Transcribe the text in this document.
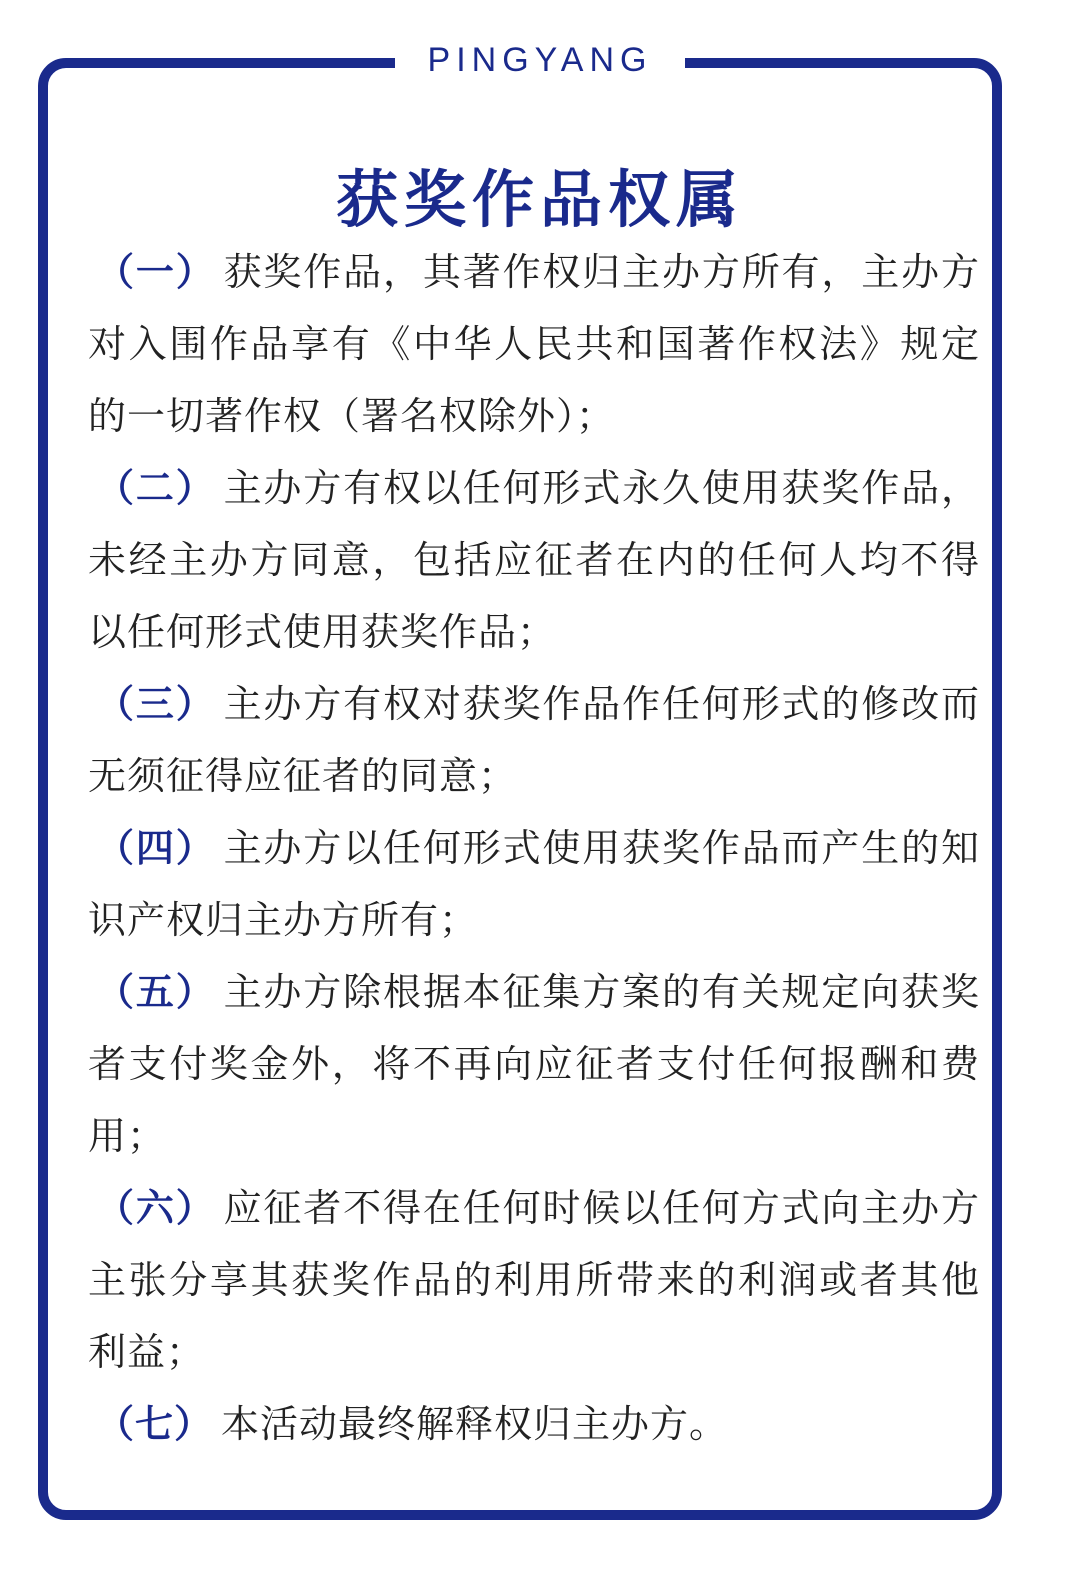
PINGYANG
获奖作品权属

（一） 获奖作品，其著作权归主办方所有，主办方对入围作品享有《中华人民共和国著作权法》规定的一切著作权（署名权除外）；

（二） 主办方有权以任何形式永久使用获奖作品，未经主办方同意，包括应征者在内的任何人均不得以任何形式使用获奖作品；

（三） 主办方有权对获奖作品作任何形式的修改而无须征得应征者的同意；

（四） 主办方以任何形式使用获奖作品而产生的知识产权归主办方所有；

（五） 主办方除根据本征集方案的有关规定向获奖者支付奖金外，将不再向应征者支付任何报酬和费用；

（六） 应征者不得在任何时候以任何方式向主办方主张分享其获奖作品的利用所带来的利润或者其他利益；

（七） 本活动最终解释权归主办方。
